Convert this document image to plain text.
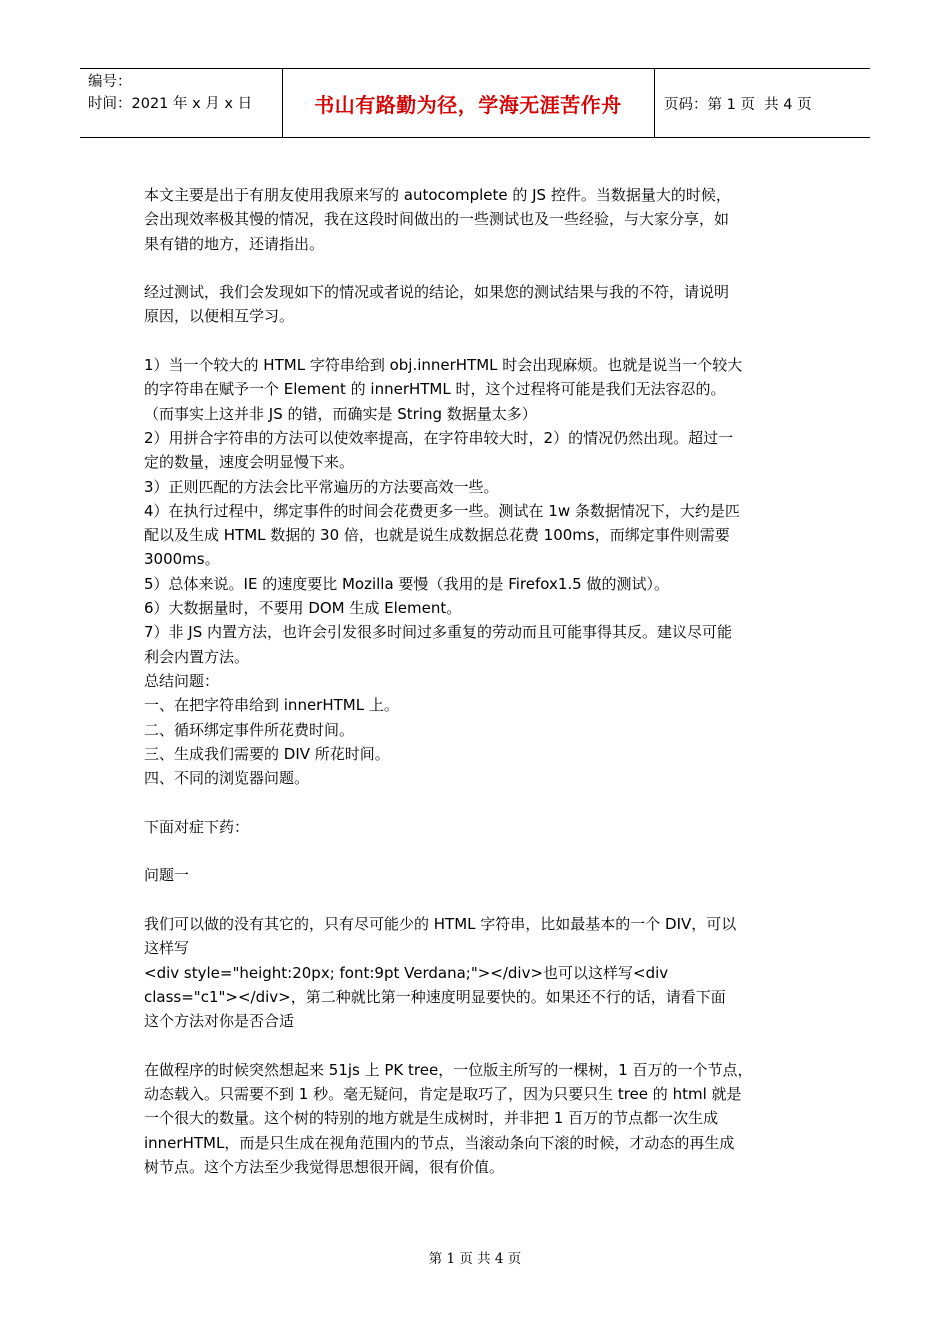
编号：
时间：2021 年 x 月 x 日	书山有路勤为径，学海无涯苦作舟	页码：第 1 页  共 4 页

本文主要是出于有朋友使用我原来写的 autocomplete 的 JS 控件。当数据量大的时候，
会出现效率极其慢的情况，我在这段时间做出的一些测试也及一些经验，与大家分享，如
果有错的地方，还请指出。

经过测试，我们会发现如下的情况或者说的结论，如果您的测试结果与我的不符，请说明
原因，以便相互学习。

1）当一个较大的 HTML 字符串给到 obj.innerHTML 时会出现麻烦。也就是说当一个较大
的字符串在赋予一个 Element 的 innerHTML 时，这个过程将可能是我们无法容忍的。
（而事实上这并非 JS 的错，而确实是 String 数据量太多）
2）用拼合字符串的方法可以使效率提高，在字符串较大时，2）的情况仍然出现。超过一
定的数量，速度会明显慢下来。
3）正则匹配的方法会比平常遍历的方法要高效一些。
4）在执行过程中，绑定事件的时间会花费更多一些。测试在 1w 条数据情况下，大约是匹
配以及生成 HTML 数据的 30 倍，也就是说生成数据总花费 100ms，而绑定事件则需要
3000ms。
5）总体来说。IE 的速度要比 Mozilla 要慢（我用的是 Firefox1.5 做的测试）。
6）大数据量时，不要用 DOM 生成 Element。
7）非 JS 内置方法，也许会引发很多时间过多重复的劳动而且可能事得其反。建议尽可能
利会内置方法。
总结问题：
一、在把字符串给到 innerHTML 上。
二、循环绑定事件所花费时间。
三、生成我们需要的 DIV 所花时间。
四、不同的浏览器问题。

下面对症下药：

问题一

我们可以做的没有其它的，只有尽可能少的 HTML 字符串，比如最基本的一个 DIV，可以
这样写
<div style="height:20px; font:9pt Verdana;"></div>也可以这样写<div
class="c1"></div>，第二种就比第一种速度明显要快的。如果还不行的话，请看下面
这个方法对你是否合适

在做程序的时候突然想起来 51js 上 PK tree，一位版主所写的一棵树，1 百万的一个节点，
动态载入。只需要不到 1 秒。毫无疑问，肯定是取巧了，因为只要只生 tree 的 html 就是
一个很大的数量。这个树的特别的地方就是生成树时，并非把 1 百万的节点都一次生成
innerHTML，而是只生成在视角范围内的节点，当滚动条向下滚的时候，才动态的再生成
树节点。这个方法至少我觉得思想很开阔，很有价值。

第 1 页 共 4 页
